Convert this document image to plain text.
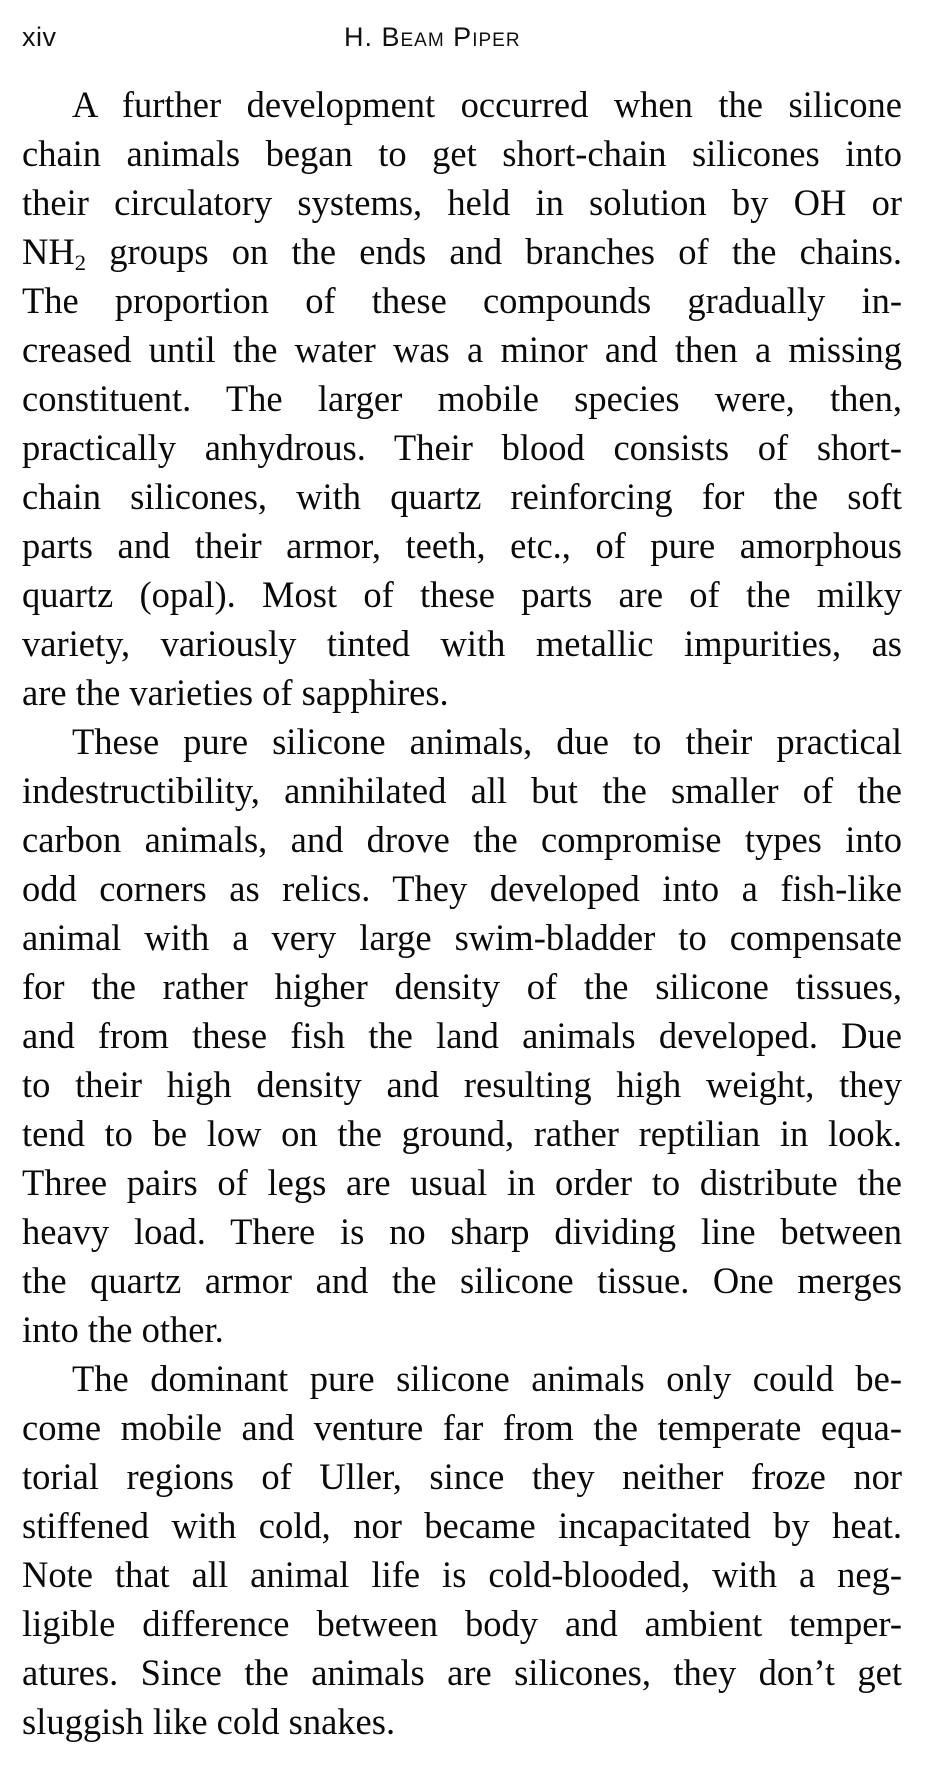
xiv	H. Beam Piper
A further development occurred when the silicone
chain animals began to get short-chain silicones into
their circulatory systems, held in solution by OH or
$NH_2$ groups on the ends and branches of the chains.
The proportion of these compounds gradually in-
creased until the water was a minor and then a missing
constituent. The larger mobile species were, then,
practically anhydrous. Their blood consists of short-
chain silicones, with quartz reinforcing for the soft
parts and their armor, teeth, etc., of pure amorphous
quartz (opal). Most of these parts are of the milky
variety, variously tinted with metallic impurities, as
are the varieties of sapphires.
These pure silicone animals, due to their practical
indestructibility, annihilated all but the smaller of the
carbon animals, and drove the compromise types into
odd corners as relics. They developed into a fish-like
animal with a very large swim-bladder to compensate
for the rather higher density of the silicone tissues,
and from these fish the land animals developed. Due
to their high density and resulting high weight, they
tend to be low on the ground, rather reptilian in look.
Three pairs of legs are usual in order to distribute the
heavy load. There is no sharp dividing line between
the quartz armor and the silicone tissue. One merges
into the other.
The dominant pure silicone animals only could be-
come mobile and venture far from the temperate equa-
torial regions of Uller, since they neither froze nor
stiffened with cold, nor became incapacitated by heat.
Note that all animal life is cold-blooded, with a neg-
ligible difference between body and ambient temper-
atures. Since the animals are silicones, they don’t get
sluggish like cold snakes.
